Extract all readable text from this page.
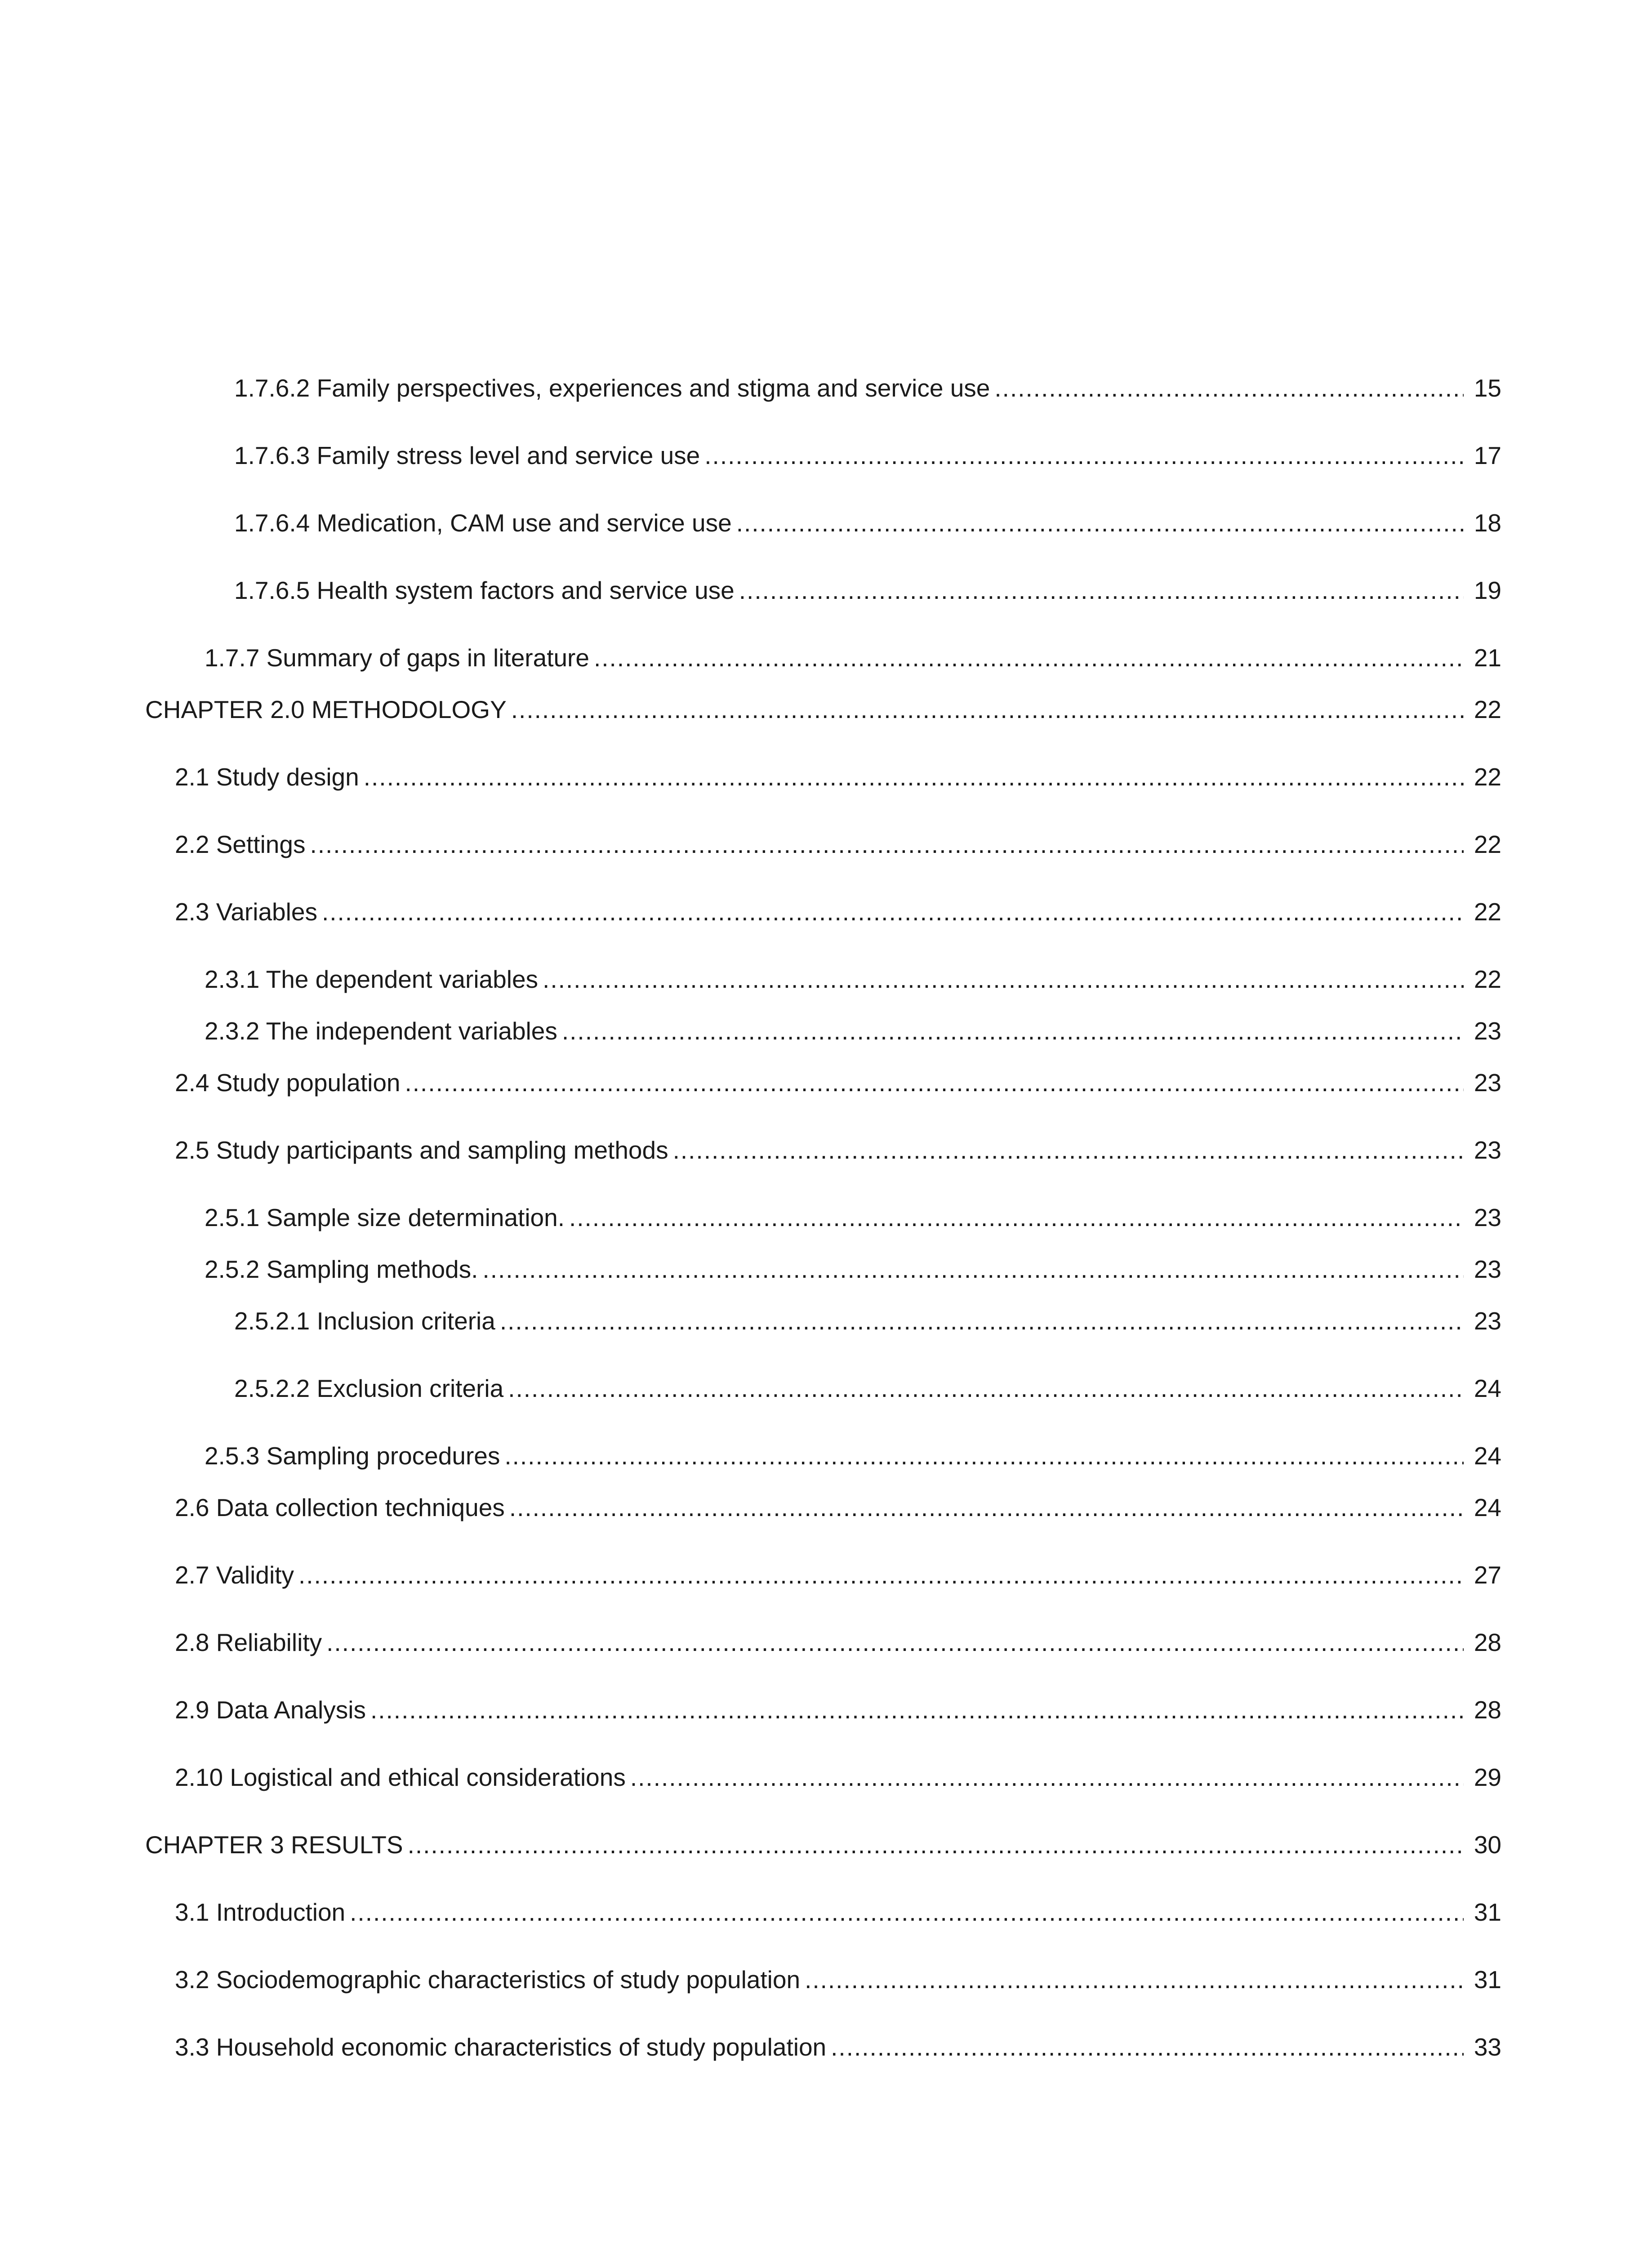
1.7.6.2 Family perspectives, experiences and stigma and service use .....	15
1.7.6.3 Family stress level and service use .....	17
1.7.6.4 Medication, CAM use and service use .....	18
1.7.6.5 Health system factors and service use .....	19
1.7.7 Summary of gaps in literature .....	21
CHAPTER 2.0 METHODOLOGY .....	22
2.1 Study design .....	22
2.2 Settings .....	22
2.3 Variables .....	22
2.3.1 The dependent variables .....	22
2.3.2 The independent variables .....	23
2.4 Study population .....	23
2.5 Study participants and sampling methods .....	23
2.5.1 Sample size determination. .....	23
2.5.2 Sampling methods. .....	23
2.5.2.1 Inclusion criteria .....	23
2.5.2.2 Exclusion criteria .....	24
2.5.3 Sampling procedures .....	24
2.6 Data collection techniques .....	24
2.7 Validity .....	27
2.8 Reliability .....	28
2.9 Data Analysis .....	28
2.10 Logistical and ethical considerations .....	29
CHAPTER 3 RESULTS .....	30
3.1 Introduction .....	31
3.2 Sociodemographic characteristics of study population .....	31
3.3 Household economic characteristics of study population .....	33
